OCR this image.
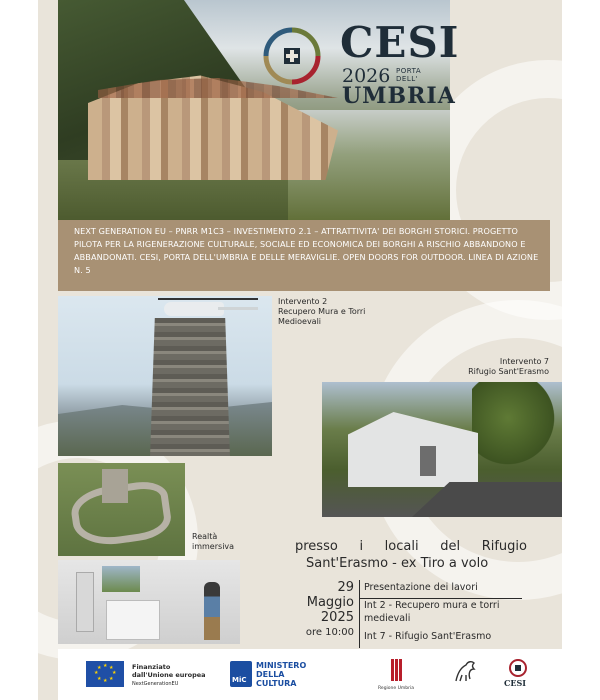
CESI
2026 PORTA
DELL'
UMBRIA
NEXT GENERATION EU – PNRR M1C3 – INVESTIMENTO 2.1 – ATTRATTIVITA' DEI BORGHI STORICI. PROGETTO PILOTA PER LA RIGENERAZIONE CULTURALE, SOCIALE ED ECONOMICA DEI BORGHI A RISCHIO ABBANDONO E ABBANDONATI. CESI, PORTA DELL'UMBRIA E DELLE MERAVIGLIE. OPEN DOORS FOR OUTDOOR. LINEA DI AZIONE N. 5
Intervento 2
Recupero Mura e Torri
Medioevali
Intervento 7
Rifugio Sant'Erasmo
Realtà
immersiva	presso i locali del Rifugio
Sant'Erasmo - ex Tiro a volo
29
Maggio
2025
ore 10:00
Presentazione dei lavori
Int 2 - Recupero mura e torri medievali
Int 7 - Rifugio Sant'Erasmo
★ ★
★
★
★
★
★
★	Finanziato
dall'Unione europea
NextGenerationEU	MiC
MINISTERO
DELLA
CULTURA
Regione Umbria
CESI
